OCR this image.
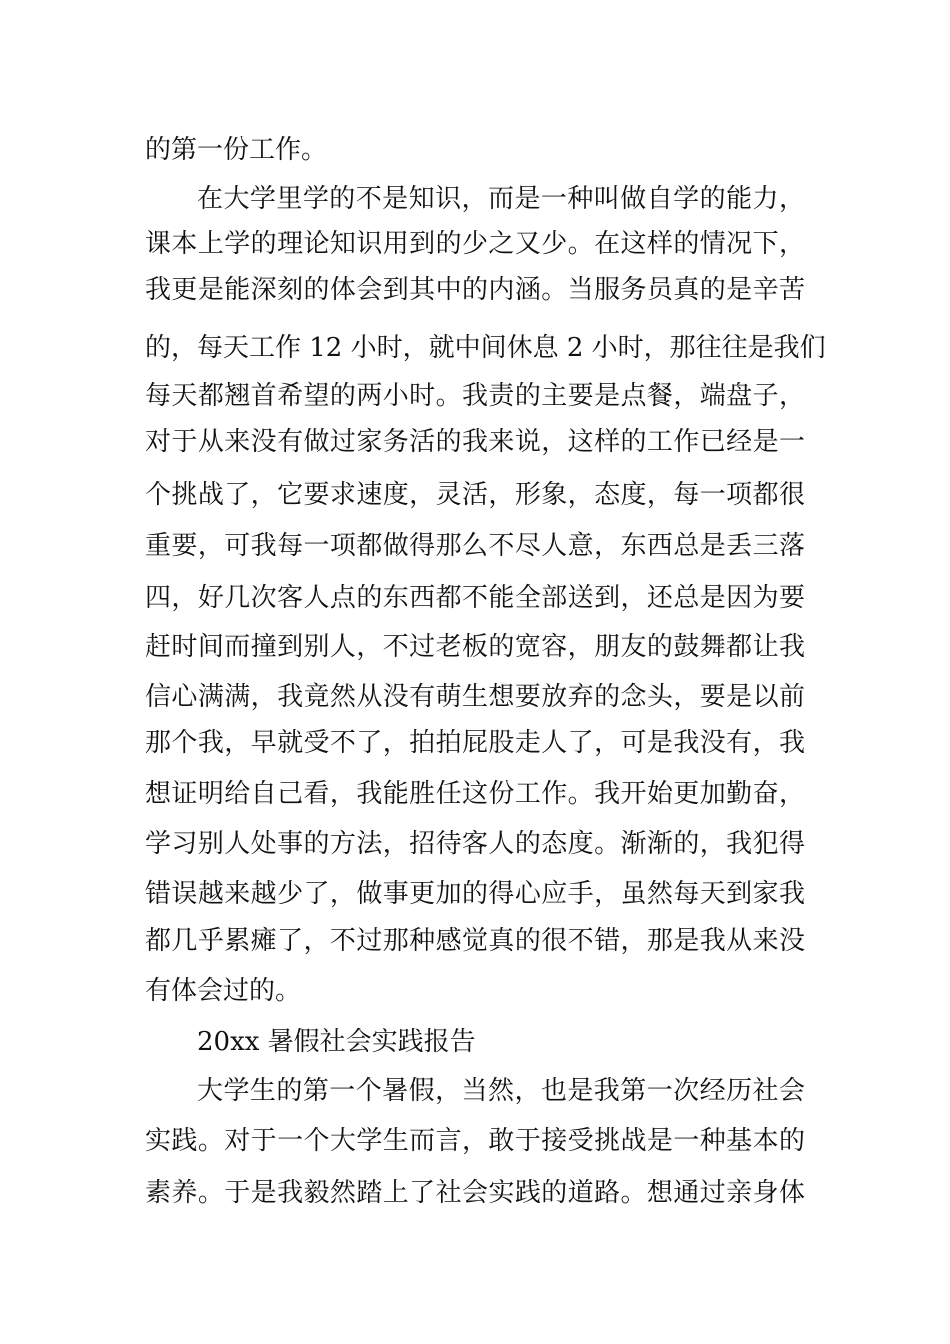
的第一份工作。
在大学里学的不是知识，而是一种叫做自学的能力，
课本上学的理论知识用到的少之又少。在这样的情况下，
我更是能深刻的体会到其中的内涵。当服务员真的是辛苦
的，每天工作 12 小时，就中间休息 2 小时，那往往是我们
每天都翘首希望的两小时。我责的主要是点餐，端盘子，
对于从来没有做过家务活的我来说，这样的工作已经是一
个挑战了，它要求速度，灵活，形象，态度，每一项都很
重要，可我每一项都做得那么不尽人意，东西总是丢三落
四，好几次客人点的东西都不能全部送到，还总是因为要
赶时间而撞到别人，不过老板的宽容，朋友的鼓舞都让我
信心满满，我竟然从没有萌生想要放弃的念头，要是以前
那个我，早就受不了，拍拍屁股走人了，可是我没有，我
想证明给自己看，我能胜任这份工作。我开始更加勤奋，
学习别人处事的方法，招待客人的态度。渐渐的，我犯得
错误越来越少了，做事更加的得心应手，虽然每天到家我
都几乎累瘫了，不过那种感觉真的很不错，那是我从来没
有体会过的。
20xx 暑假社会实践报告
大学生的第一个暑假，当然，也是我第一次经历社会
实践。对于一个大学生而言，敢于接受挑战是一种基本的
素养。于是我毅然踏上了社会实践的道路。想通过亲身体
